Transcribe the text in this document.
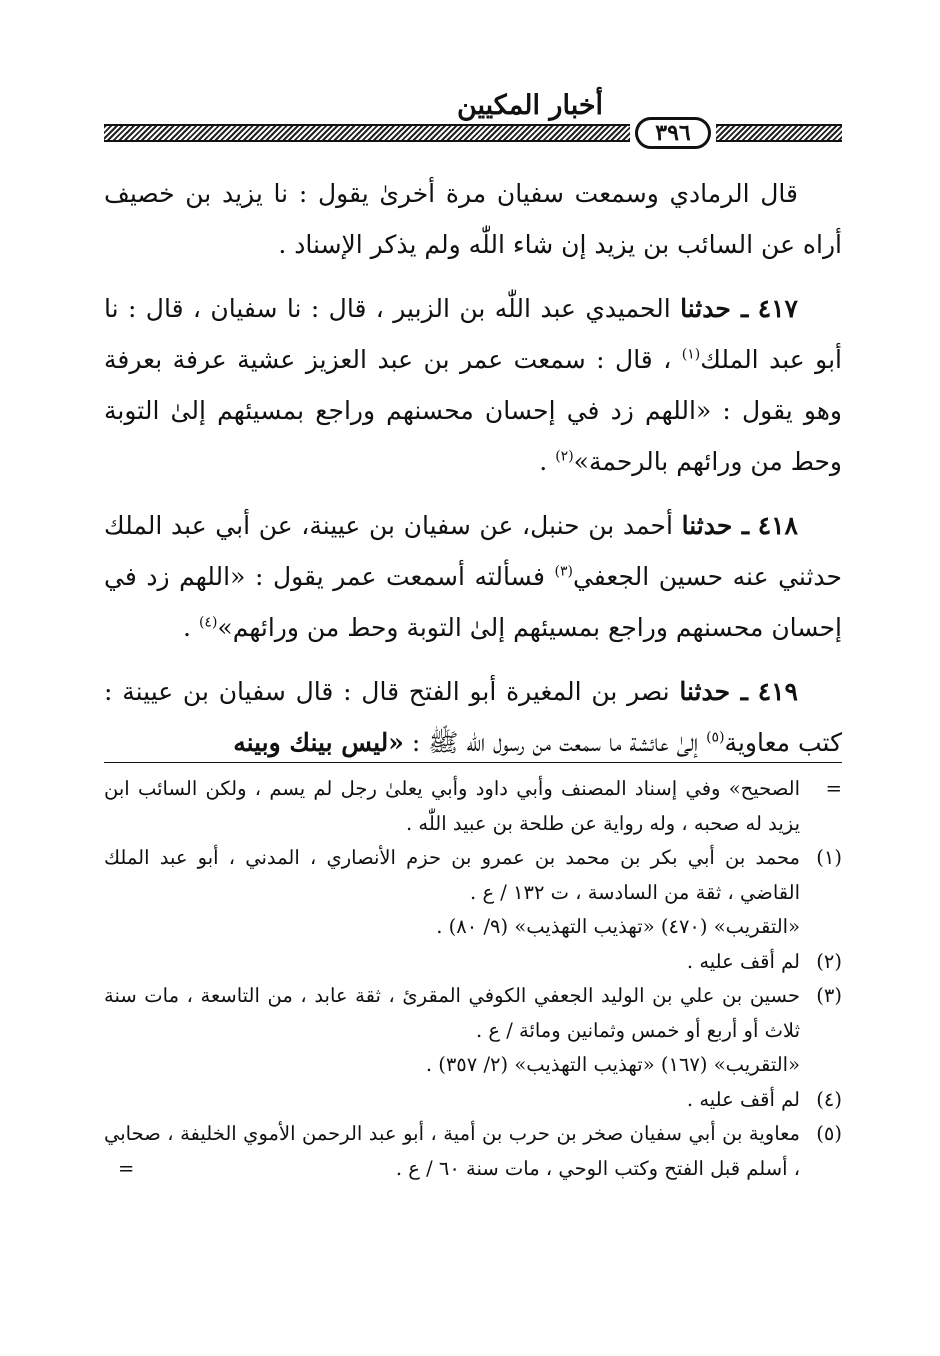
أخبار المكيين
٣٩٦

قال الرمادي وسمعت سفيان مرة أخرىٰ يقول : نا يزيد بن خصيف أراه عن السائب بن يزيد إن شاء اللّٰه ولم يذكر الإسناد .

٤١٧ ـ حدثنا الحميدي عبد اللّٰه بن الزبير ، قال : نا سفيان ، قال : نا أبو عبد الملك$^{(١)}$ ، قال : سمعت عمر بن عبد العزيز عشية عرفة بعرفة وهو يقول : «اللهم زد في إحسان محسنهم وراجع بمسيئهم إلىٰ التوبة وحط من ورائهم بالرحمة»$^{(٢)}$ .

٤١٨ ـ حدثنا أحمد بن حنبل، عن سفيان بن عيينة، عن أبي عبد الملك حدثني عنه حسين الجعفي$^{(٣)}$ فسألته أسمعت عمر يقول : «اللهم زد في إحسان محسنهم وراجع بمسيئهم إلىٰ التوبة وحط من ورائهم»$^{(٤)}$ .

٤١٩ ـ حدثنا نصر بن المغيرة أبو الفتح قال : قال سفيان بن عيينة : كتب معاوية$^{(٥)}$ إلىٰ عائشة ما سمعت من رسول اللّٰه ﷺ : «ليس بينك وبينه

=
الصحيح» وفي إسناد المصنف وأبي داود وأبي يعلىٰ رجل لم يسم ، ولكن السائب ابن يزيد له صحبه ، وله رواية عن طلحة بن عبيد اللّٰه .
(١)
محمد بن أبي بكر بن محمد بن عمرو بن حزم الأنصاري ، المدني ، أبو عبد الملك القاضي ، ثقة من السادسة ، ت ١٣٢ / ع .
«التقريب» (٤٧٠) «تهذيب التهذيب» (٩/ ٨٠) .
(٢)
لم أقف عليه .
(٣)
حسين بن علي بن الوليد الجعفي الكوفي المقرئ ، ثقة عابد ، من التاسعة ، مات سنة ثلاث أو أربع أو خمس وثمانين ومائة / ع .
«التقريب» (١٦٧) «تهذيب التهذيب» (٢/ ٣٥٧) .
(٤)
لم أقف عليه .
(٥)
معاوية بن أبي سفيان صخر بن حرب بن أمية ، أبو عبد الرحمن الأموي الخليفة ، صحابي ، أسلم قبل الفتح وكتب الوحي ، مات سنة ٦٠ / ع .
=
